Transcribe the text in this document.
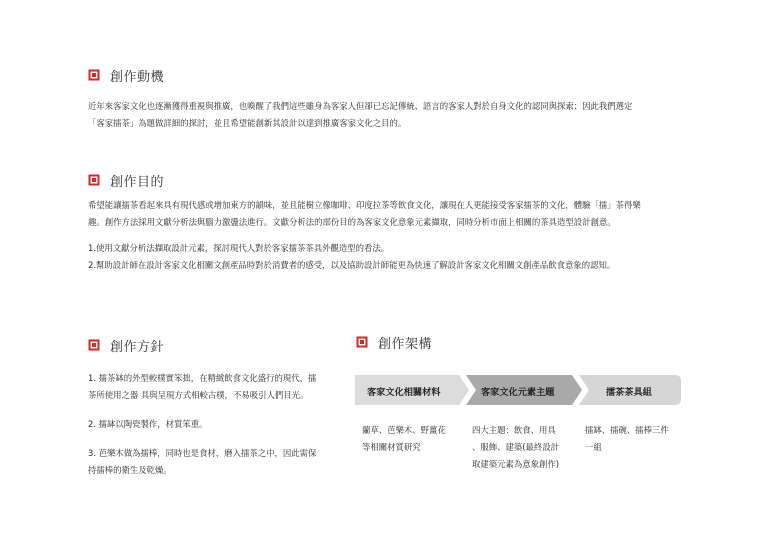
創作動機

近年來客家文化也逐漸獲得重視與推廣，也喚醒了我們這些雖身為客家人但卻已忘記傳統、語言的客家人對於自身文化的認同與探索；因此我們選定

「客家擂茶」為題做詳細的探討，並且希望能創新其設計以達到推廣客家文化之目的。

創作目的

希望能讓擂茶看起來具有現代感或增加東方的韻味，並且能樹立像咖啡、印度拉茶等飲食文化，讓現在人更能接受客家擂茶的文化，體驗「擂」茶得樂

趣。創作方法採用文獻分析法與腦力激盪法進行。文獻分析法的部份目的為客家文化意象元素擷取，同時分析市面上相關的茶具造型設計創意。

1.使用文獻分析法擷取設計元素，探討現代人對於客家擂茶茶具外觀造型的看法。

2.幫助設計師在設計客家文化相關文創產品時對於消費者的感受，以及協助設計師能更為快速了解設計客家文化相關文創產品飲食意象的認知。

創作方針

1. 擂茶缽的外型較樸實笨拙，在精緻飲食文化盛行的現代，擂

茶所使用之器 具與呈現方式相較古樸，不易吸引人們目光。

2. 擂缽以陶瓷製作，材質笨重。

3. 芭樂木做為擂棒，同時也是食材，磨入擂茶之中，因此需保

持擂棒的衛生及乾燥。

創作架構
客家文化相關材料	客家文化元素主題	擂茶茶具組
蘭草、芭樂木、野薑花
等相關材質研究
四大主題：飲食、用具
、服飾、建築(最終設計
取建築元素為意象創作)
擂缽、擂碗、擂棒三件
一組
